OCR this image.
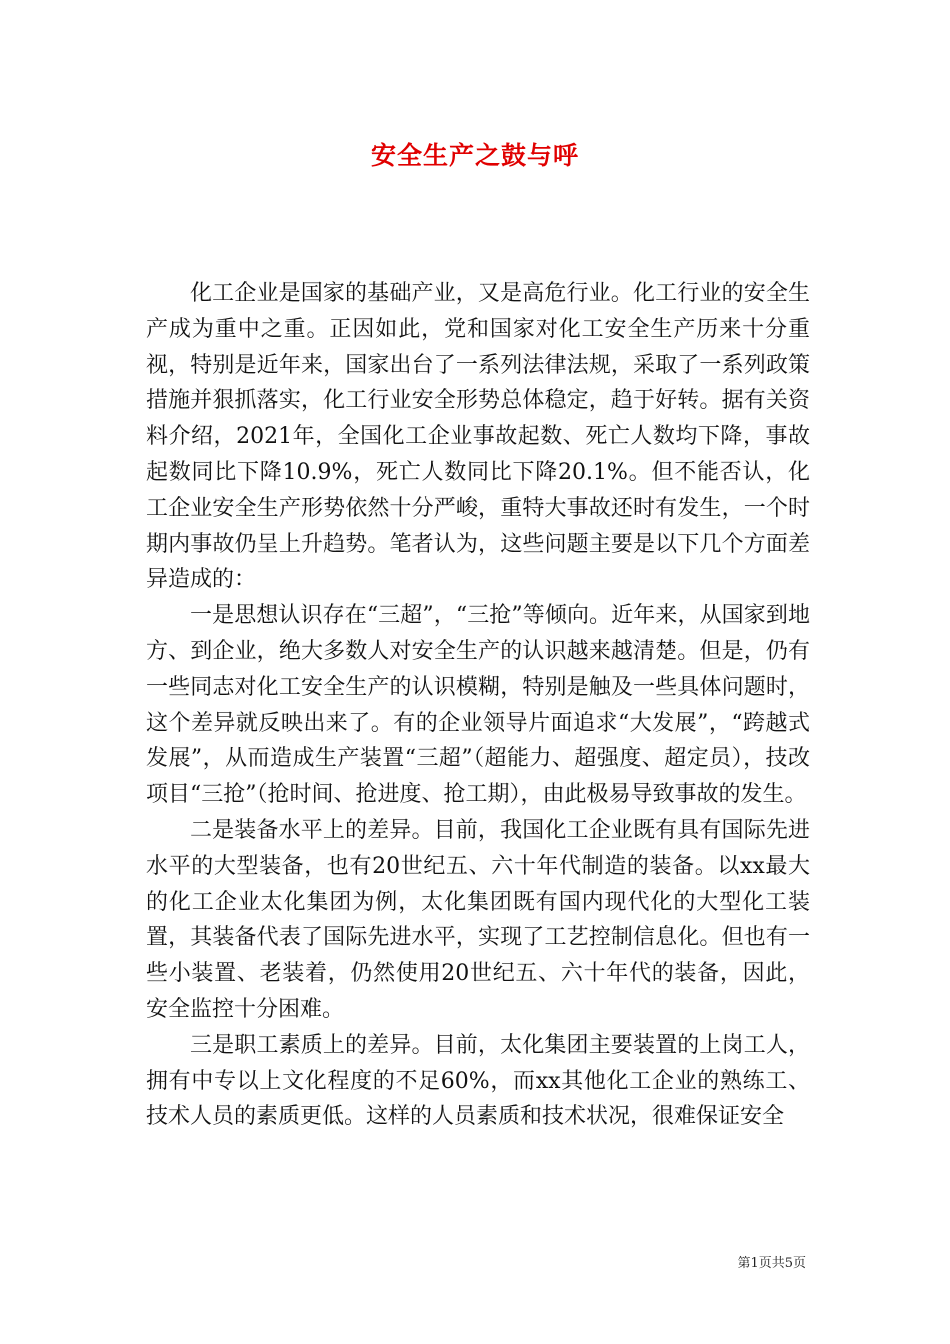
安全生产之鼓与呼

化工企业是国家的基础产业，又是高危行业。化工行业的安全生产成为重中之重。正因如此，党和国家对化工安全生产历来十分重视，特别是近年来，国家出台了一系列法律法规，采取了一系列政策措施并狠抓落实，化工行业安全形势总体稳定，趋于好转。据有关资料介绍，2021年，全国化工企业事故起数、死亡人数均下降，事故起数同比下降10.9%，死亡人数同比下降20.1%。但不能否认，化工企业安全生产形势依然十分严峻，重特大事故还时有发生，一个时期内事故仍呈上升趋势。笔者认为，这些问题主要是以下几个方面差异造成的：

一是思想认识存在“三超”，“三抢”等倾向。近年来，从国家到地方、到企业，绝大多数人对安全生产的认识越来越清楚。但是，仍有一些同志对化工安全生产的认识模糊，特别是触及一些具体问题时，这个差异就反映出来了。有的企业领导片面追求“大发展”，“跨越式发展”，从而造成生产装置“三超”（超能力、超强度、超定员），技改项目“三抢”（抢时间、抢进度、抢工期），由此极易导致事故的发生。

二是装备水平上的差异。目前，我国化工企业既有具有国际先进水平的大型装备，也有20世纪五、六十年代制造的装备。以xx最大的化工企业太化集团为例，太化集团既有国内现代化的大型化工装置，其装备代表了国际先进水平，实现了工艺控制信息化。但也有一些小装置、老装着，仍然使用20世纪五、六十年代的装备，因此，安全监控十分困难。

三是职工素质上的差异。目前，太化集团主要装置的上岗工人，拥有中专以上文化程度的不足60%，而xx其他化工企业的熟练工、技术人员的素质更低。这样的人员素质和技术状况，很难保证安全

第1页共5页
